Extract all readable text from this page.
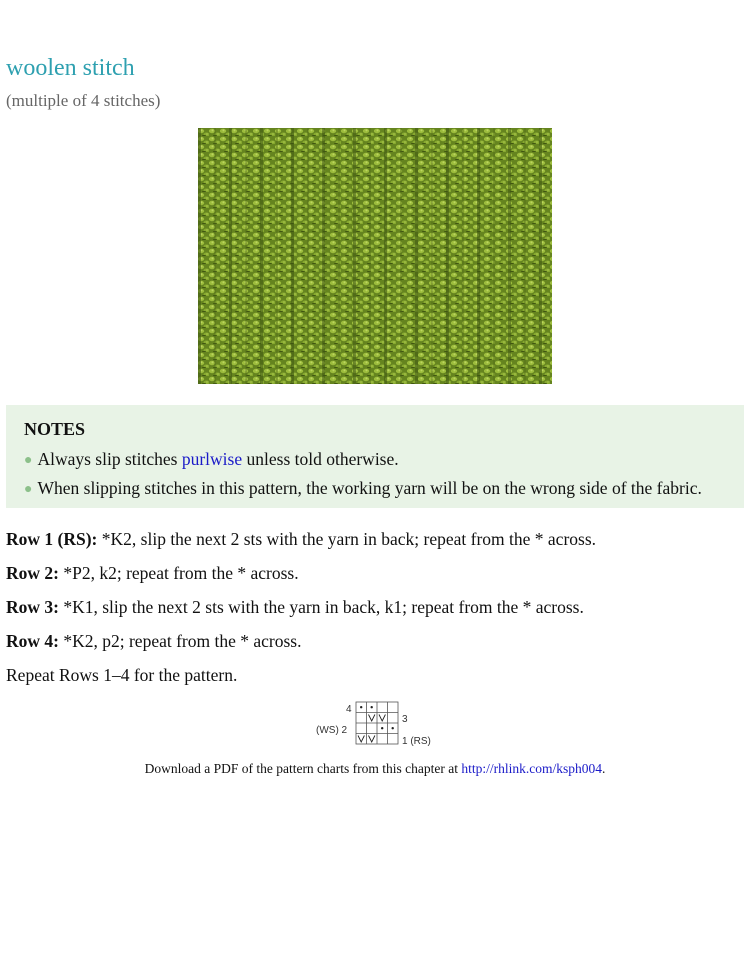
woolen stitch
(multiple of 4 stitches)
NOTES
● Always slip stitches purlwise unless told otherwise.
● When slipping stitches in this pattern, the working yarn will be on the wrong side of the fabric.
Row 1 (RS): *K2, slip the next 2 sts with the yarn in back; repeat from the * across.
Row 2: *P2, k2; repeat from the * across.
Row 3: *K1, slip the next 2 sts with the yarn in back, k1; repeat from the * across.
Row 4: *K2, p2; repeat from the * across.
Repeat Rows 1–4 for the pattern.
4
3
(WS) 2
1 (RS)
Download a PDF of the pattern charts from this chapter at http://rhlink.com/ksph004.
